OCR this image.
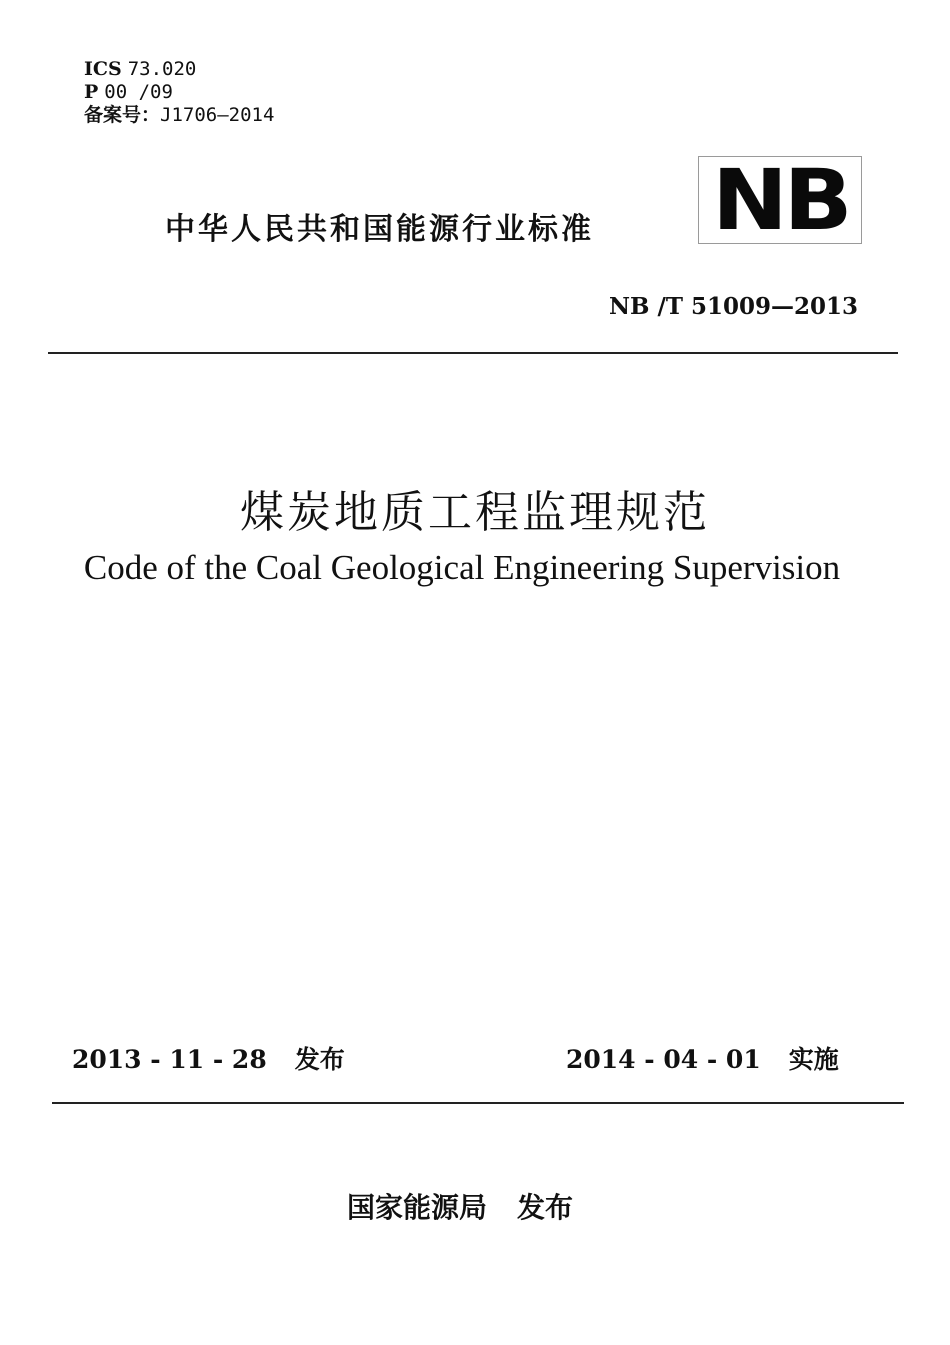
ICS 73.020
P 00 /09
备案号：J1706—2014
中华人民共和国能源行业标准 NB
NB /T 51009—2013
煤炭地质工程监理规范
Code of the Coal Geological Engineering Supervision
2013 - 11 - 28 发布	2014 - 04 - 01 实施
国家能源局 发布
